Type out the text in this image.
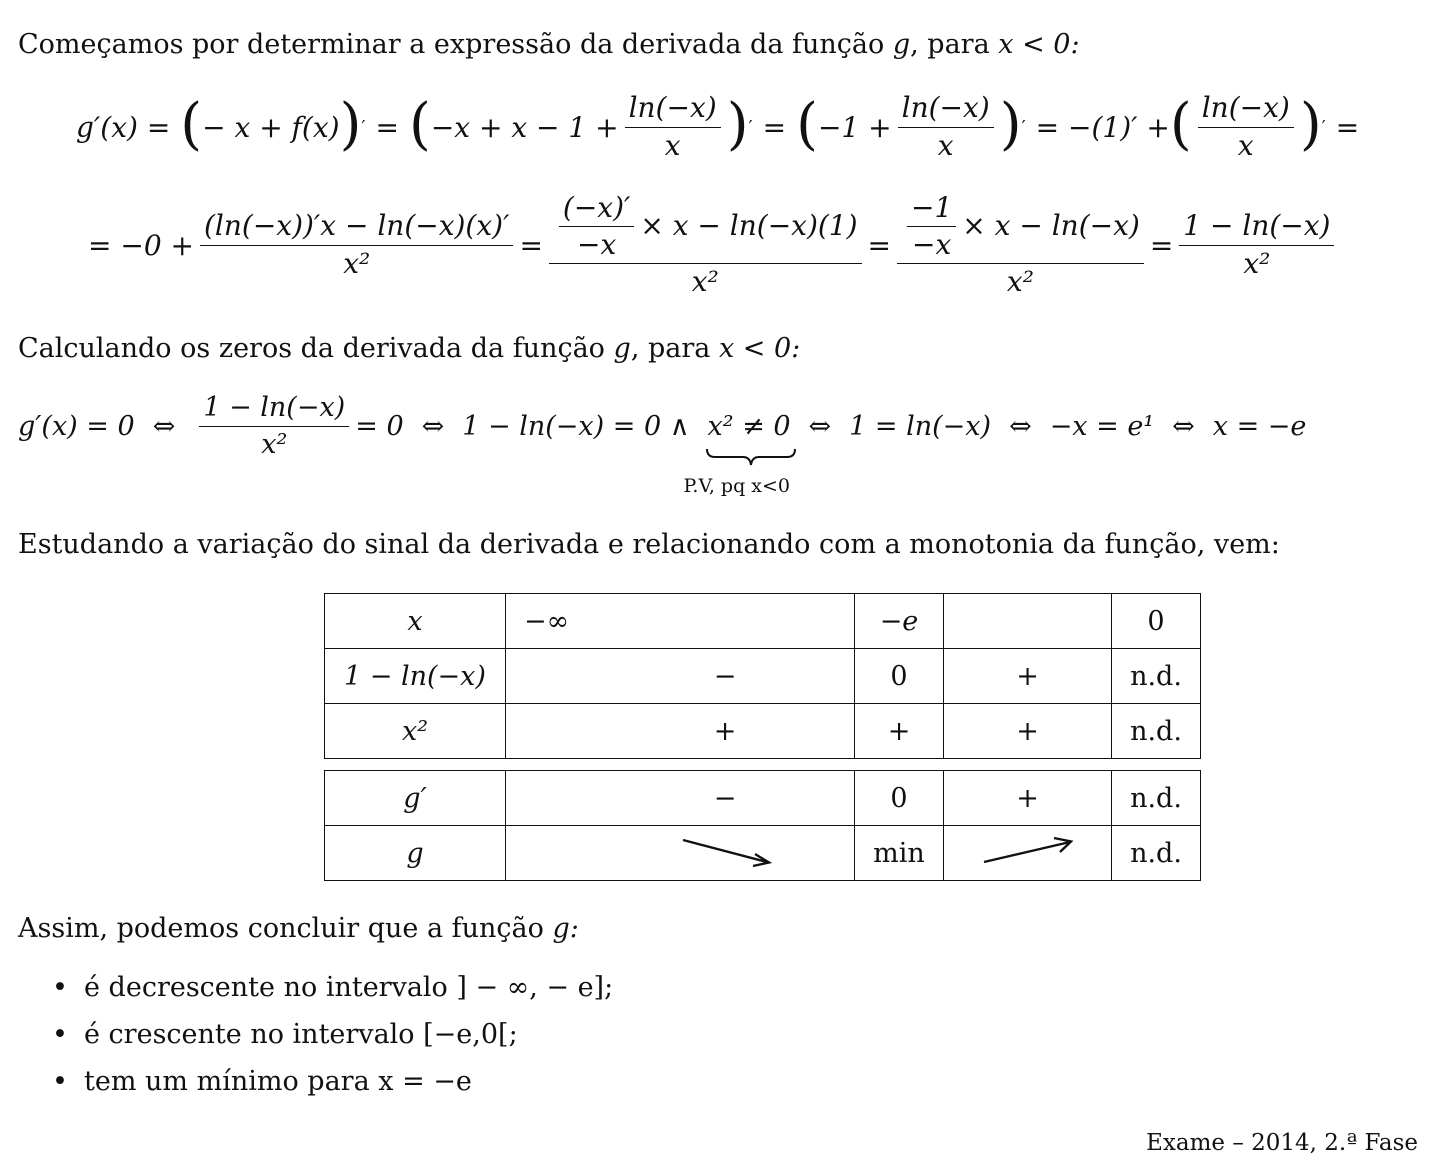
Começamos por determinar a expressão da derivada da função g, para x < 0:
g′(x) = ( − x + f(x) ) ′ = ( $-x + x - 1 + \frac{\ln(-x)}{x}$ ) ′ = ( $-1 + \frac{\ln(-x)}{x}$ ) ′ = −(1)′ + ( $\frac{\ln(-x)}{x}$ ) ′ =
= $-0 + \frac{(\ln(-x))'x - \ln(-x)(x)'}{\text{x²}} = \frac{\frac{(-x)'}{-x} \times x - \ln(-x)(1)}{\text{x²}} = \frac{\frac{-1}{-x} \times x - \ln(-x)}{\text{x²}} = \frac{1 - \ln(-x)}{\text{x²}}$
Calculando os zeros da derivada da função g, para x < 0:
g′(x) = 0 ⇔ $\frac{1 - \ln(-x)}{\text{x²}} = 0$ ⇔ 1 − ln(−x) = 0 ∧ x² ≠ 0
P.V, pq x<0
⇔ 1 = ln(−x) ⇔ −x = e¹ ⇔ x = −e
Estudando a variação do sinal da derivada e relacionando com a monotonia da função, vem:
x	−∞	−e		0
1 − ln(−x)	−	0	+	n.d.
x²	+	+	+	n.d.
g′	−	0	+	n.d.
g		min		n.d.
Assim, podemos concluir que a função g:
• é decrescente no intervalo ] − ∞, − e];
• é crescente no intervalo [−e,0[;
• tem um mínimo para x = −e
Exame – 2014, 2.ª Fase
